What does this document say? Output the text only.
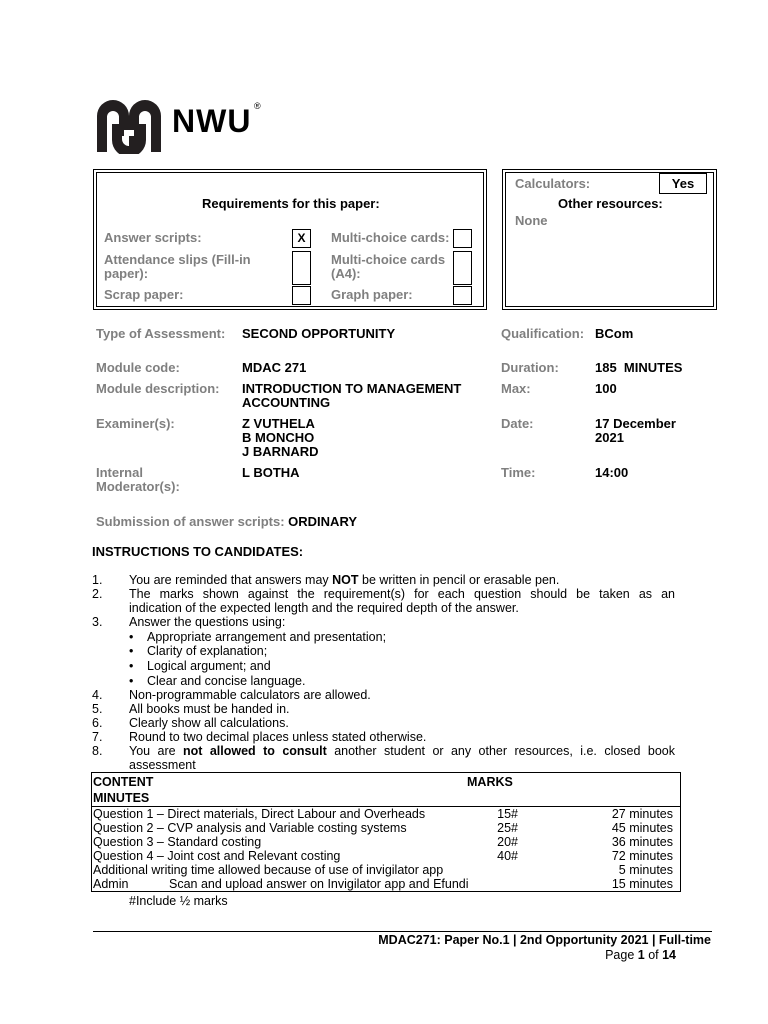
NWU ®
Requirements for this paper:
Answer scripts:	X
Attendance slips (Fill-in paper):
Scrap paper:
Multi-choice cards:
Multi-choice cards (A4):
Graph paper:
Calculators:	Yes
Other resources:
None
Type of Assessment: SECOND OPPORTUNITY	Qualification: BCom
Module code:	MDAC 271	Duration:	185  MINUTES
Module description: INTRODUCTION TO MANAGEMENT
ACCOUNTING
Max:	100
Examiner(s):	Z VUTHELA
B MONCHO
J BARNARD
Date:	17 December
2021
Internal
Moderator(s):
L BOTHA	Time:	14:00
Submission of answer scripts: ORDINARY
INSTRUCTIONS TO CANDIDATES:
1. You are reminded that answers may NOT be written in pencil or erasable pen.
2. The marks shown against the requirement(s) for each question should be taken as an
indication of the expected length and the required depth of the answer.
3. Answer the questions using:
• Appropriate arrangement and presentation;
• Clarity of explanation;
• Logical argument; and
• Clear and concise language.
4. Non-programmable calculators are allowed.
5. All books must be handed in.
6. Clearly show all calculations.
7. Round to two decimal places unless stated otherwise.
8. You are not allowed to consult another student or any other resources, i.e. closed book
assessment
CONTENT	MARKS
MINUTES
Question 1 – Direct materials, Direct Labour and Overheads	15#	27 minutes
Question 2 – CVP analysis and Variable costing systems	25#	45 minutes
Question 3 – Standard costing	20#	36 minutes
Question 4 – Joint cost and Relevant costing	40#	72 minutes
Additional writing time allowed because of use of invigilator app	5 minutes
Admin	Scan and upload answer on Invigilator app and Efundi	15 minutes
#Include ½ marks
MDAC271: Paper No.1 | 2nd Opportunity 2021 | Full-time
Page 1 of 14
